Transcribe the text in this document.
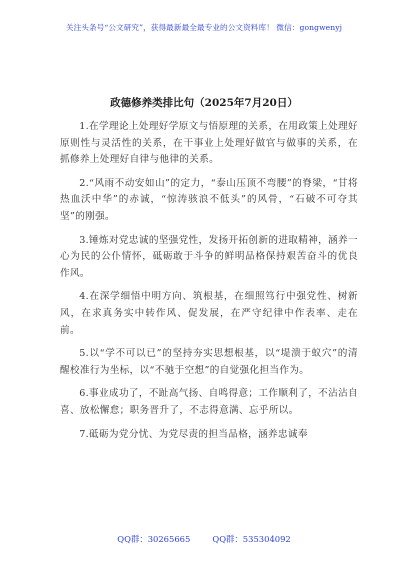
关注头条号“公文研究”，获得最新最全最专业的公文资料库！ 微信：gongwenyj
政德修养类排比句（2025年7月20日）

1.在学理论上处理好学原文与悟原理的关系，在用政策上处理好原则性与灵活性的关系，在干事业上处理好做官与做事的关系，在抓修养上处理好自律与他律的关系。

2.“风雨不动安如山”的定力，“泰山压顶不弯腰”的脊梁，“甘将热血沃中华”的赤诚，“惊涛骇浪不低头”的风骨，“石破不可夺其坚”的刚强。

3.锤炼对党忠诚的坚强党性，发扬开拓创新的进取精神，涵养一心为民的公仆情怀，砥砺敢于斗争的鲜明品格保持艰苦奋斗的优良作风。

4.在深学细悟中明方向、筑根基，在细照笃行中强党性、树新风，在求真务实中转作风、促发展，在严守纪律中作表率、走在前。

5.以“学不可以已”的坚持夯实思想根基，以“堤溃于蚁穴”的清醒校准行为坐标，以“不驰于空想”的自觉强化担当作为。

6.事业成功了，不趾高气扬、自鸣得意；工作顺利了，不沾沾自喜、放松懈怠；职务晋升了，不志得意满、忘乎所以。

7.砥砺为党分忧、为党尽责的担当品格，涵养忠诚奉

QQ群：30265665	QQ群：535304092
